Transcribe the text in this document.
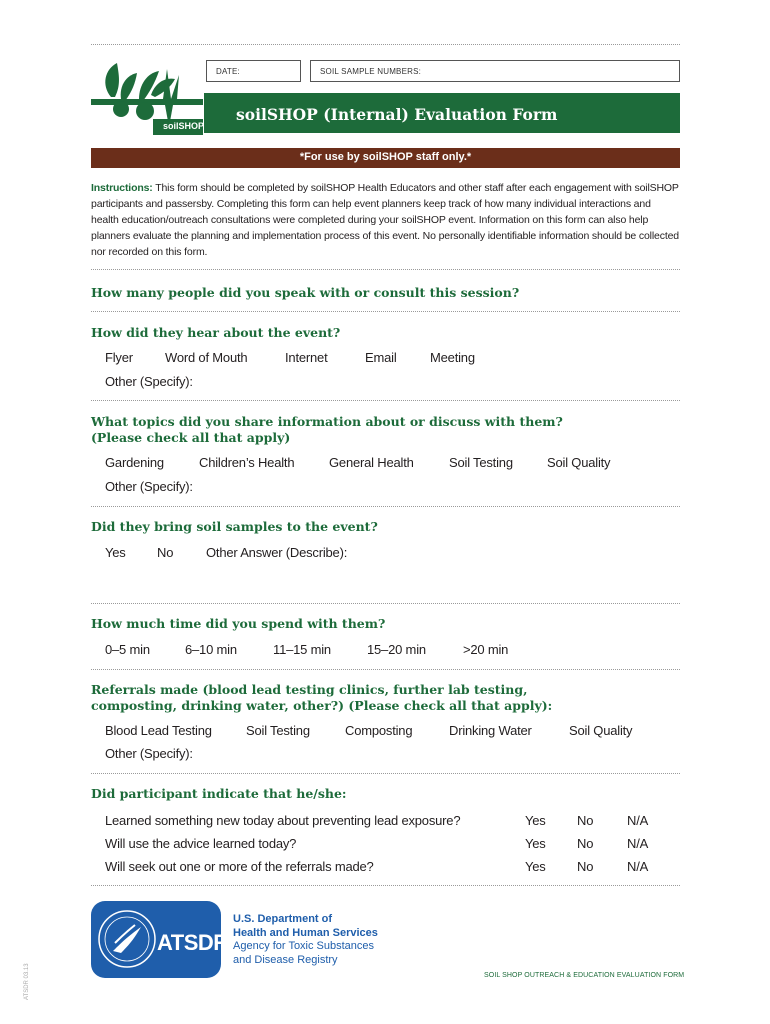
soilSHOP
DATE:	SOIL SAMPLE NUMBERS:
soilSHOP (Internal) Evaluation Form
*For use by soilSHOP staff only.*
Instructions: This form should be completed by soilSHOP Health Educators and other staff after each engagement with soilSHOP participants and passersby. Completing this form can help event planners keep track of how many individual interactions and health education/outreach consultations were completed during your soilSHOP event. Information on this form can also help planners evaluate the planning and implementation process of this event. No personally identifiable information should be collected nor recorded on this form.
How many people did you speak with or consult this session?
How did they hear about the event?
Flyer Word of Mouth	Internet	Email	Meeting
Other (Specify):
What topics did you share information about or discuss with them?
(Please check all that apply)
Gardening	Children’s Health	General Health	Soil Testing	Soil Quality
Other (Specify):
Did they bring soil samples to the event?
Yes No	Other Answer (Describe):
How much time did you spend with them?
0–5 min	6–10 min	11–15 min	15–20 min	>20 min
Referrals made (blood lead testing clinics, further lab testing,
composting, drinking water, other?) (Please check all that apply):
Blood Lead Testing	Soil Testing	Composting	Drinking Water	Soil Quality
Other (Specify):
Did participant indicate that he/she:
Learned something new today about preventing lead exposure?	Yes No	N/A
Will use the advice learned today?	Yes No	N/A
Will seek out one or more of the referrals made?	Yes No	N/A
ATSDR
U.S. Department of
Health and Human Services
Agency for Toxic Substances
and Disease Registry
SOIL SHOP OUTREACH & EDUCATION EVALUATION FORM
ATSDR 03.13
